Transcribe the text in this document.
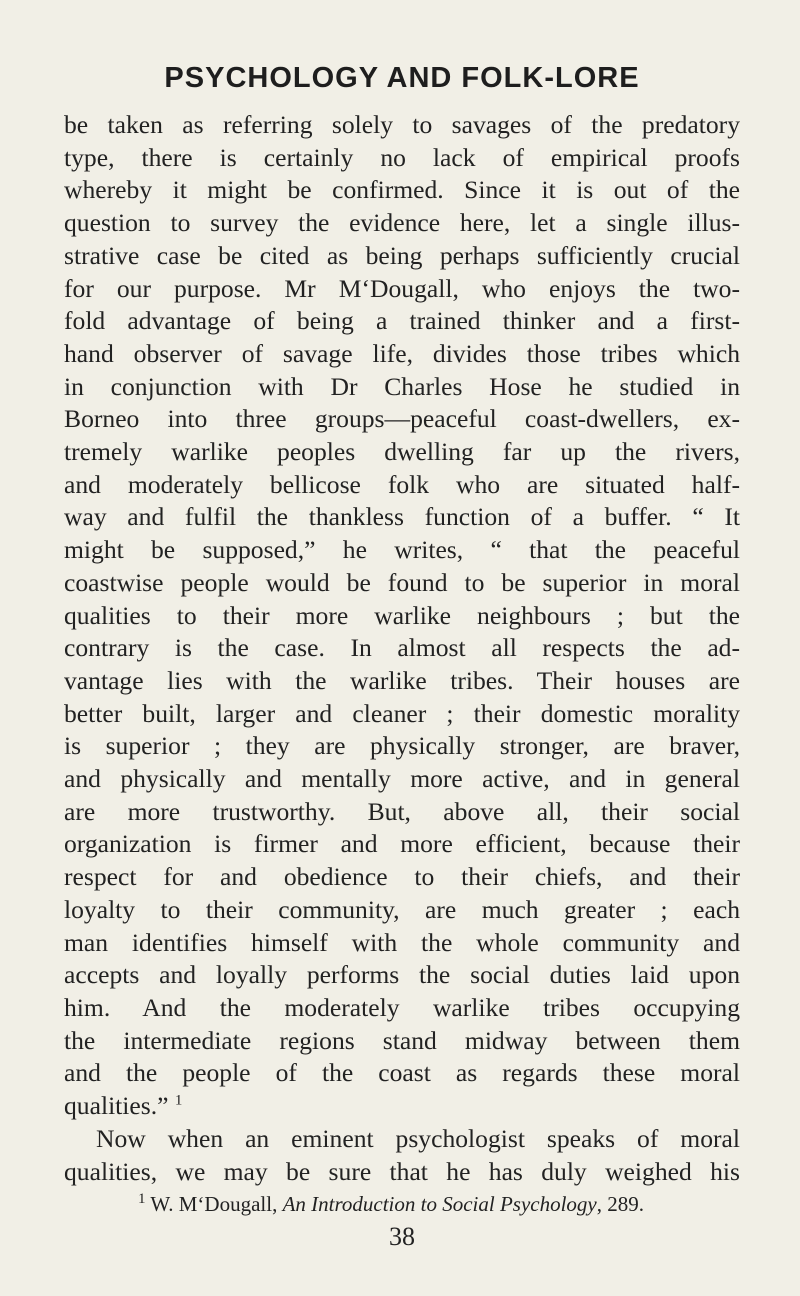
PSYCHOLOGY AND FOLK-LORE
be taken as referring solely to savages of the predatory
type, there is certainly no lack of empirical proofs
whereby it might be confirmed. Since it is out of the
question to survey the evidence here, let a single illus-
strative case be cited as being perhaps sufficiently crucial
for our purpose. Mr M‘Dougall, who enjoys the two-
fold advantage of being a trained thinker and a first-
hand observer of savage life, divides those tribes which
in conjunction with Dr Charles Hose he studied in
Borneo into three groups—peaceful coast-dwellers, ex-
tremely warlike peoples dwelling far up the rivers,
and moderately bellicose folk who are situated half-
way and fulfil the thankless function of a buffer. “ It
might be supposed,” he writes, “ that the peaceful
coastwise people would be found to be superior in moral
qualities to their more warlike neighbours ; but the
contrary is the case. In almost all respects the ad-
vantage lies with the warlike tribes. Their houses are
better built, larger and cleaner ; their domestic morality
is superior ; they are physically stronger, are braver,
and physically and mentally more active, and in general
are more trustworthy. But, above all, their social
organization is firmer and more efficient, because their
respect for and obedience to their chiefs, and their
loyalty to their community, are much greater ; each
man identifies himself with the whole community and
accepts and loyally performs the social duties laid upon
him. And the moderately warlike tribes occupying
the intermediate regions stand midway between them
and the people of the coast as regards these moral
qualities.” $^1$
Now when an eminent psychologist speaks of moral
qualities, we may be sure that he has duly weighed his
$^1$ W. M‘Dougall, An Introduction to Social Psychology, 289.
38
